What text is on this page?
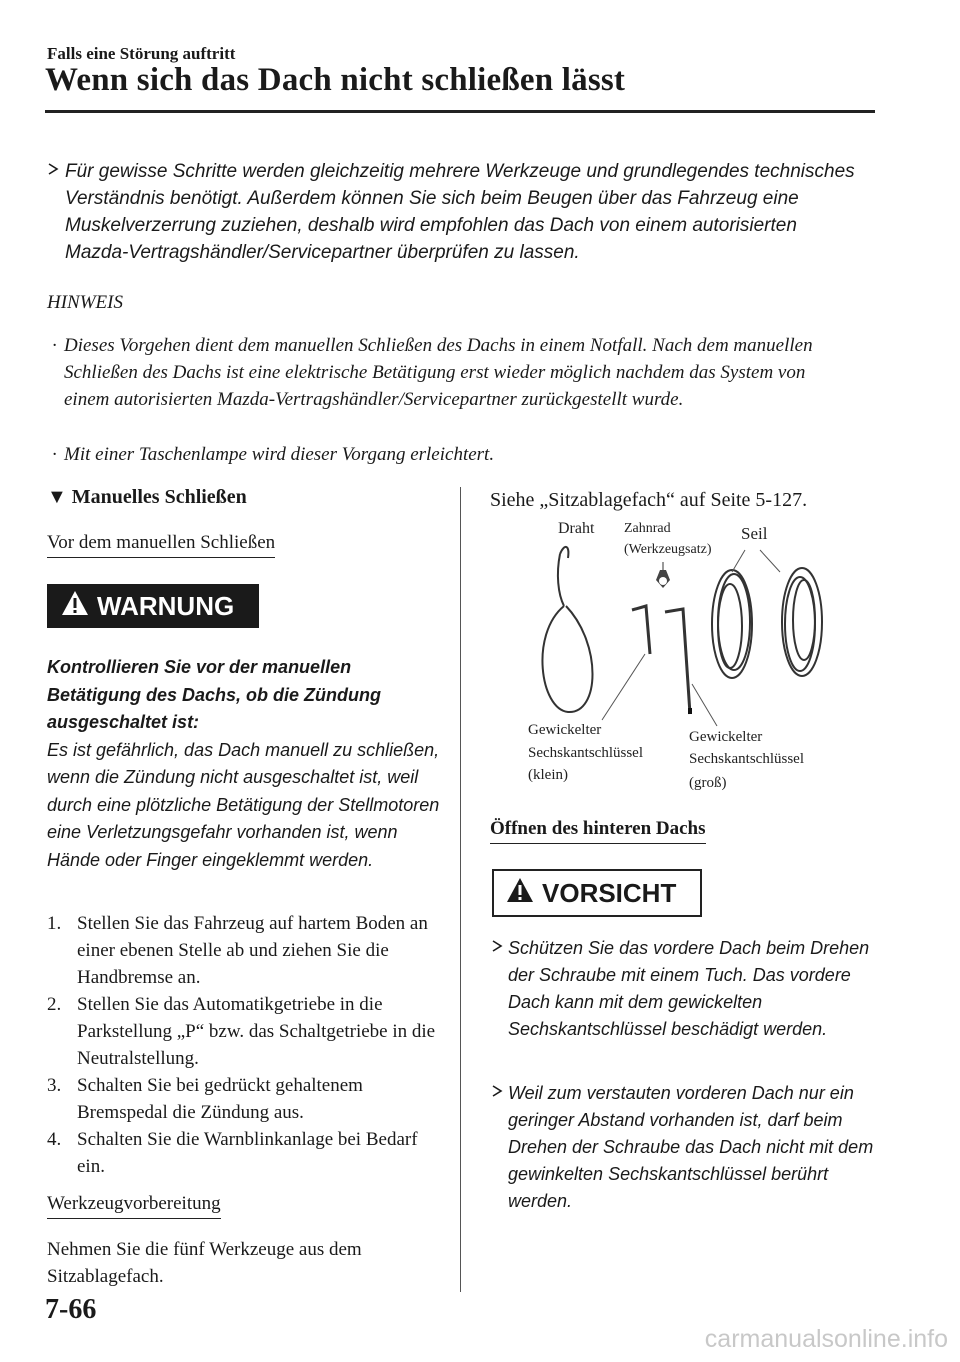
Falls eine Störung auftritt
Wenn sich das Dach nicht schließen lässt
Für gewisse Schritte werden gleichzeitig mehrere Werkzeuge und grundlegendes technisches Verständnis benötigt. Außerdem können Sie sich beim Beugen über das Fahrzeug eine Muskelverzerrung zuziehen, deshalb wird empfohlen das Dach von einem autorisierten Mazda-Vertragshändler/Servicepartner überprüfen zu lassen.
HINWEIS
· Dieses Vorgehen dient dem manuellen Schließen des Dachs in einem Notfall. Nach dem manuellen Schließen des Dachs ist eine elektrische Betätigung erst wieder möglich nachdem das System von einem autorisierten Mazda-Vertragshändler/Servicepartner zurückgestellt wurde.
· Mit einer Taschenlampe wird dieser Vorgang erleichtert.
▼ Manuelles Schließen
Vor dem manuellen Schließen
WARNUNG
Kontrollieren Sie vor der manuellen Betätigung des Dachs, ob die Zündung ausgeschaltet ist:
Es ist gefährlich, das Dach manuell zu schließen, wenn die Zündung nicht ausgeschaltet ist, weil durch eine plötzliche Betätigung der Stellmotoren eine Verletzungsgefahr vorhanden ist, wenn Hände oder Finger eingeklemmt werden.
1. Stellen Sie das Fahrzeug auf hartem Boden an einer ebenen Stelle ab und ziehen Sie die Handbremse an.
2. Stellen Sie das Automatikgetriebe in die Parkstellung „P“ bzw. das Schaltgetriebe in die Neutralstellung.
3. Schalten Sie bei gedrückt gehaltenem Bremspedal die Zündung aus.
4. Schalten Sie die Warnblinkanlage bei Bedarf ein.
Werkzeugvorbereitung
Nehmen Sie die fünf Werkzeuge aus dem Sitzablagefach.
Siehe „Sitzablagefach“ auf Seite 5-127.
Draht Zahnrad
(Werkzeugsatz)
Seil
Gewickelter
Sechskantschlüssel
(klein)
Gewickelter
Sechskantschlüssel
(groß)
Öffnen des hinteren Dachs
VORSICHT
Schützen Sie das vordere Dach beim Drehen der Schraube mit einem Tuch. Das vordere Dach kann mit dem gewickelten Sechskantschlüssel beschädigt werden.
Weil zum verstauten vorderen Dach nur ein geringer Abstand vorhanden ist, darf beim Drehen der Schraube das Dach nicht mit dem gewinkelten Sechskantschlüssel berührt werden.
7-66
carmanualsonline.info
